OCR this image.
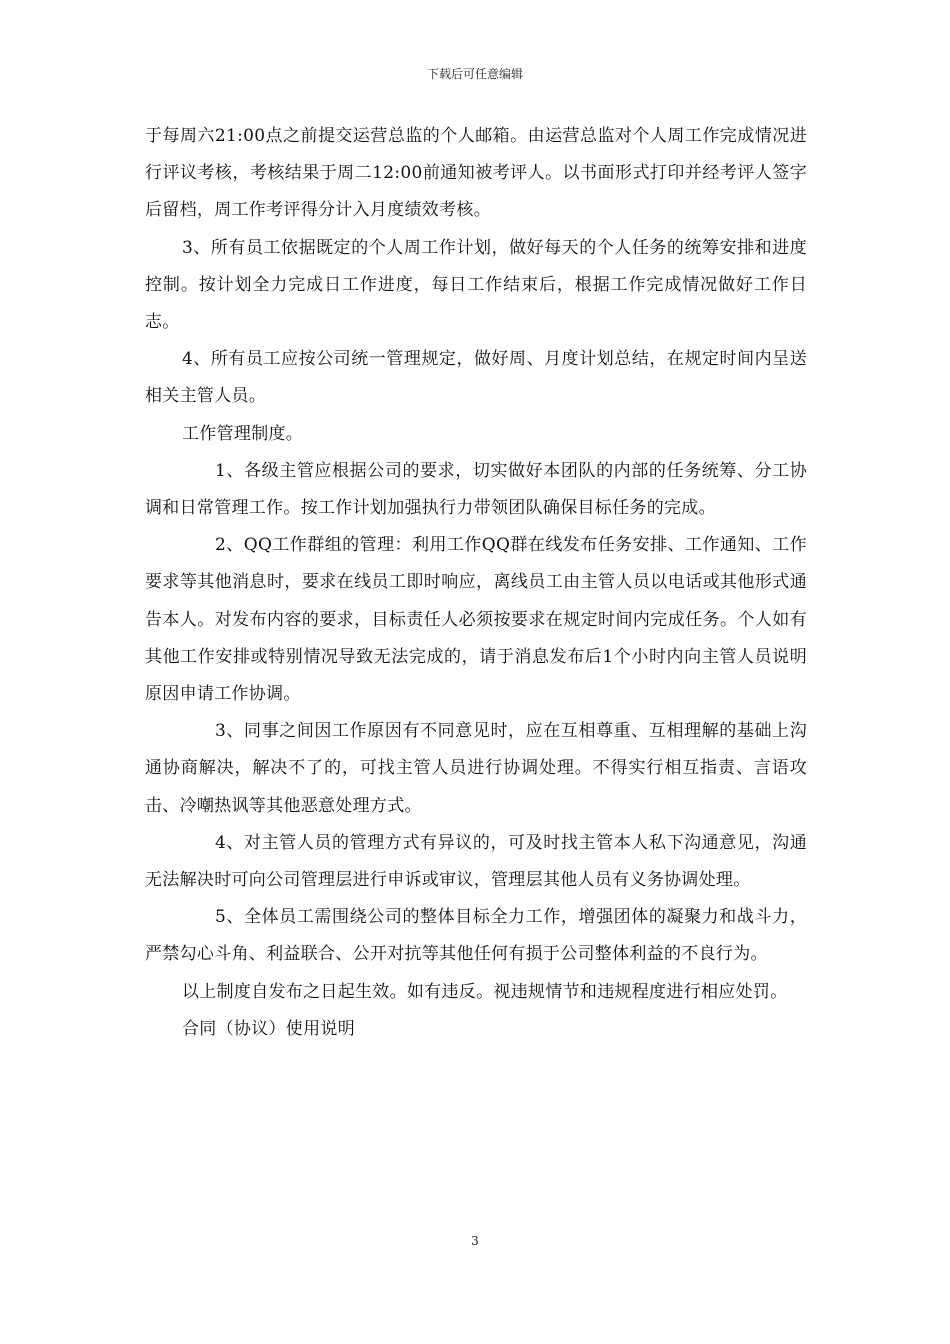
下载后可任意编辑

于每周六21:00点之前提交运营总监的个人邮箱。由运营总监对个人周工作完成情况进行评议考核，考核结果于周二12:00前通知被考评人。以书面形式打印并经考评人签字后留档，周工作考评得分计入月度绩效考核。

3、所有员工依据既定的个人周工作计划，做好每天的个人任务的统筹安排和进度控制。按计划全力完成日工作进度，每日工作结束后，根据工作完成情况做好工作日志。

4、所有员工应按公司统一管理规定，做好周、月度计划总结，在规定时间内呈送相关主管人员。

工作管理制度。

1、各级主管应根据公司的要求，切实做好本团队的内部的任务统筹、分工协调和日常管理工作。按工作计划加强执行力带领团队确保目标任务的完成。

2、QQ工作群组的管理：利用工作QQ群在线发布任务安排、工作通知、工作要求等其他消息时，要求在线员工即时响应，离线员工由主管人员以电话或其他形式通告本人。对发布内容的要求，目标责任人必须按要求在规定时间内完成任务。个人如有其他工作安排或特别情况导致无法完成的，请于消息发布后1个小时内向主管人员说明原因申请工作协调。

3、同事之间因工作原因有不同意见时，应在互相尊重、互相理解的基础上沟通协商解决，解决不了的，可找主管人员进行协调处理。不得实行相互指责、言语攻击、冷嘲热讽等其他恶意处理方式。

4、对主管人员的管理方式有异议的，可及时找主管本人私下沟通意见，沟通无法解决时可向公司管理层进行申诉或审议，管理层其他人员有义务协调处理。

5、全体员工需围绕公司的整体目标全力工作，增强团体的凝聚力和战斗力，严禁勾心斗角、利益联合、公开对抗等其他任何有损于公司整体利益的不良行为。

以上制度自发布之日起生效。如有违反。视违规情节和违规程度进行相应处罚。

合同（协议）使用说明

3
